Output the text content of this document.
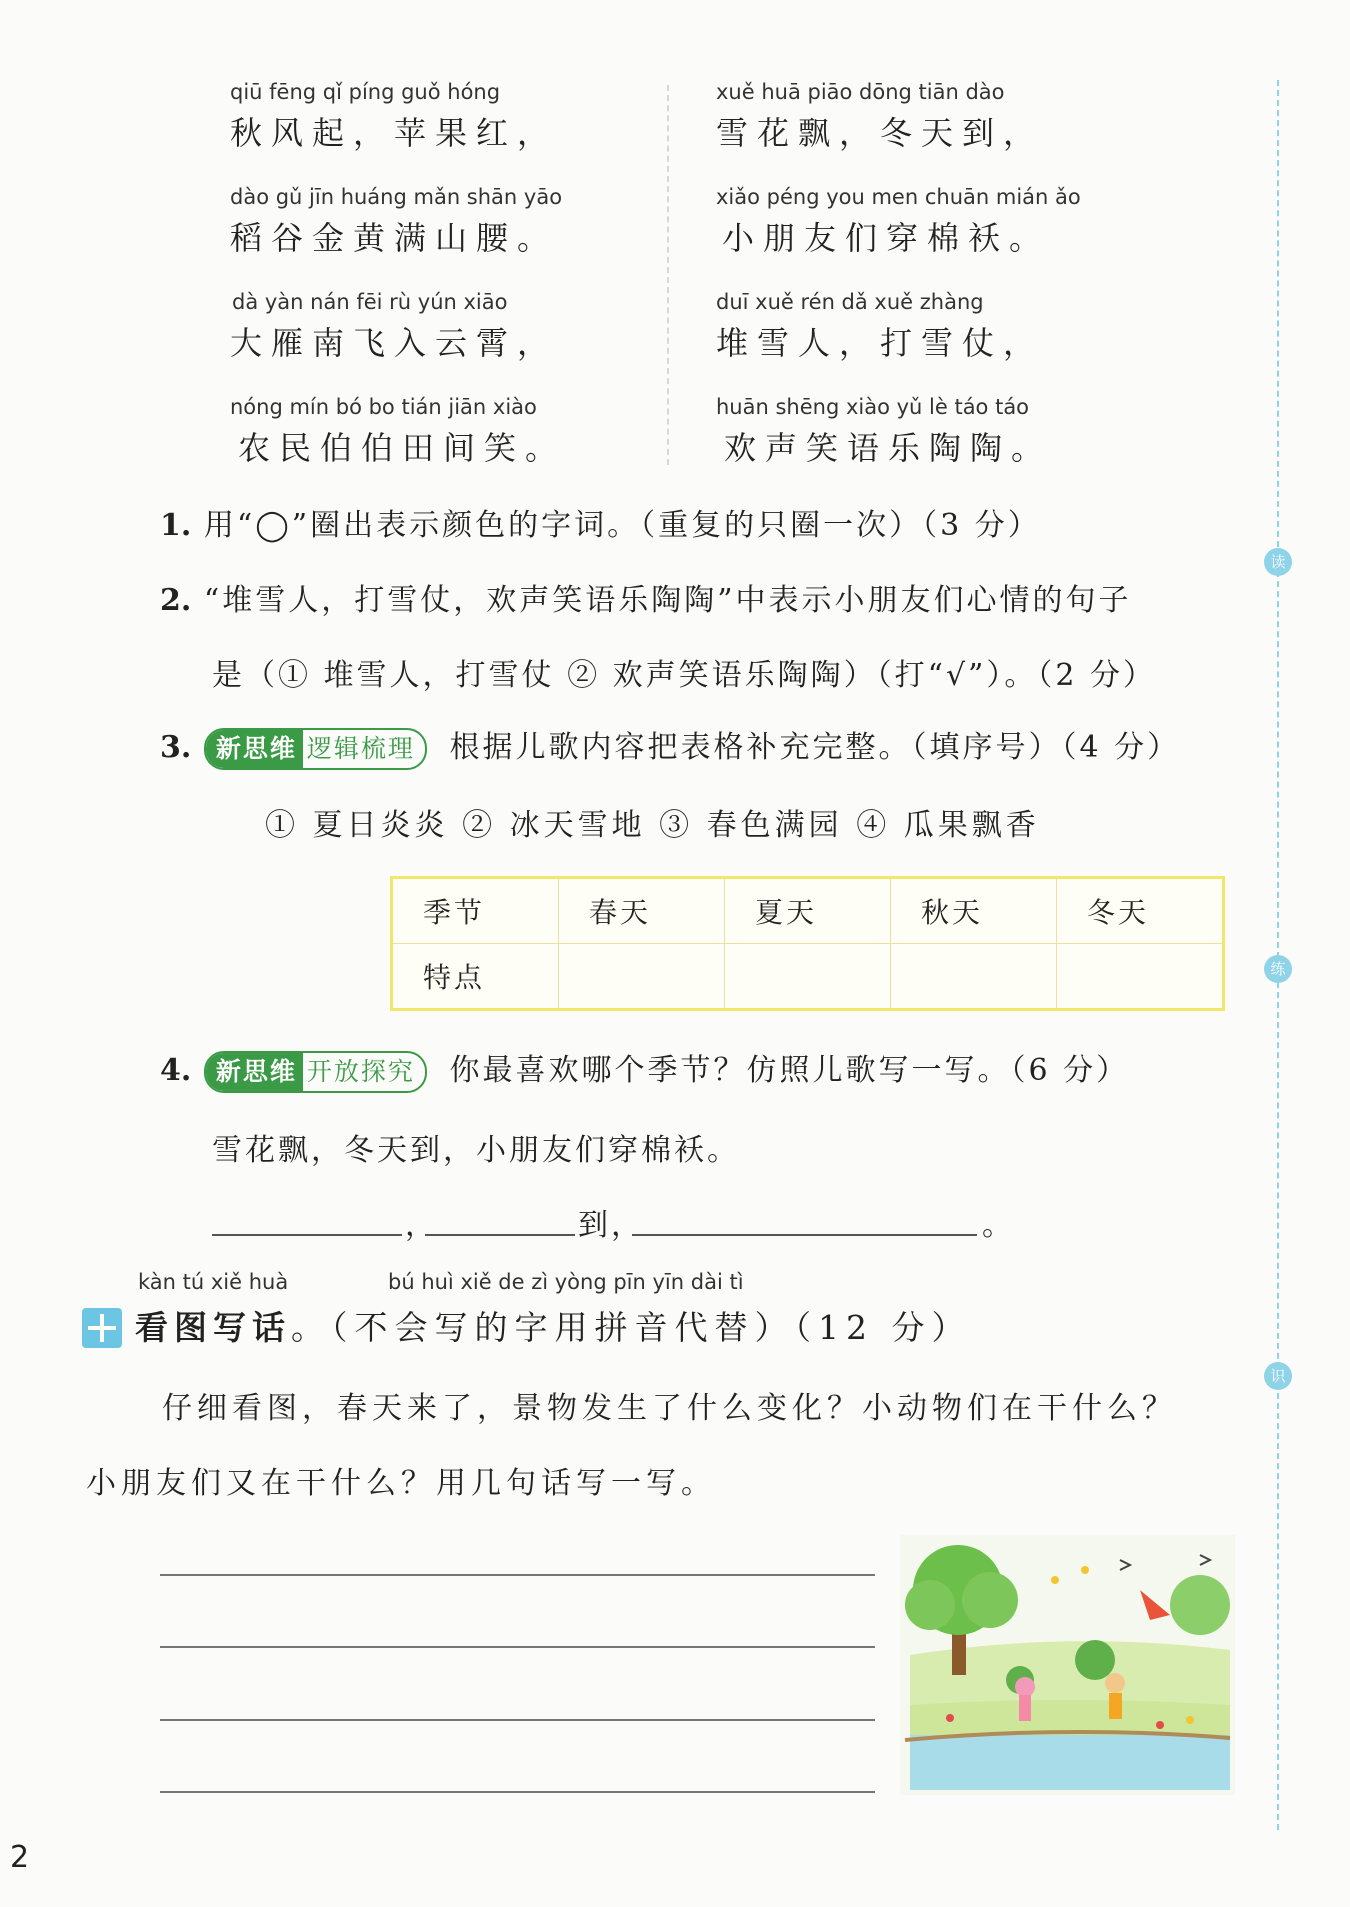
qiū fēng qǐ píng guǒ hóng
秋风起，苹果红，
dào gǔ jīn huáng mǎn shān yāo
稻谷金黄满山腰。
dà yàn nán fēi rù yún xiāo
大雁南飞入云霄，
nóng mín bó bo tián jiān xiào
农民伯伯田间笑。
xuě huā piāo dōng tiān dào
雪花飘，冬天到，
xiǎo péng you men chuān mián ǎo
小朋友们穿棉袄。
duī xuě rén dǎ xuě zhàng
堆雪人，打雪仗，
huān shēng xiào yǔ lè táo táo
欢声笑语乐陶陶。
读
练
识
1. 用“◯”圈出表示颜色的字词。（重复的只圈一次）（3 分）
2. “堆雪人，打雪仗，欢声笑语乐陶陶”中表示小朋友们心情的句子
是（① 堆雪人，打雪仗 ② 欢声笑语乐陶陶）（打“√”）。（2 分）
3. 新思维 逻辑梳理 根据儿歌内容把表格补充完整。（填序号）（4 分）
① 夏日炎炎 ② 冰天雪地 ③ 春色满园 ④ 瓜果飘香
季节	春天	夏天	秋天	冬天
特点				
4. 新思维 开放探究 你最喜欢哪个季节？仿照儿歌写一写。（6 分）
雪花飘，冬天到，小朋友们穿棉袄。
，	到，	。
kàn tú xiě huà	bú huì xiě de zì yòng pīn yīn dài tì
看图写话。（不会写的字用拼音代替）（12 分）
仔细看图，春天来了，景物发生了什么变化？小动物们在干什么？
小朋友们又在干什么？用几句话写一写。
2
